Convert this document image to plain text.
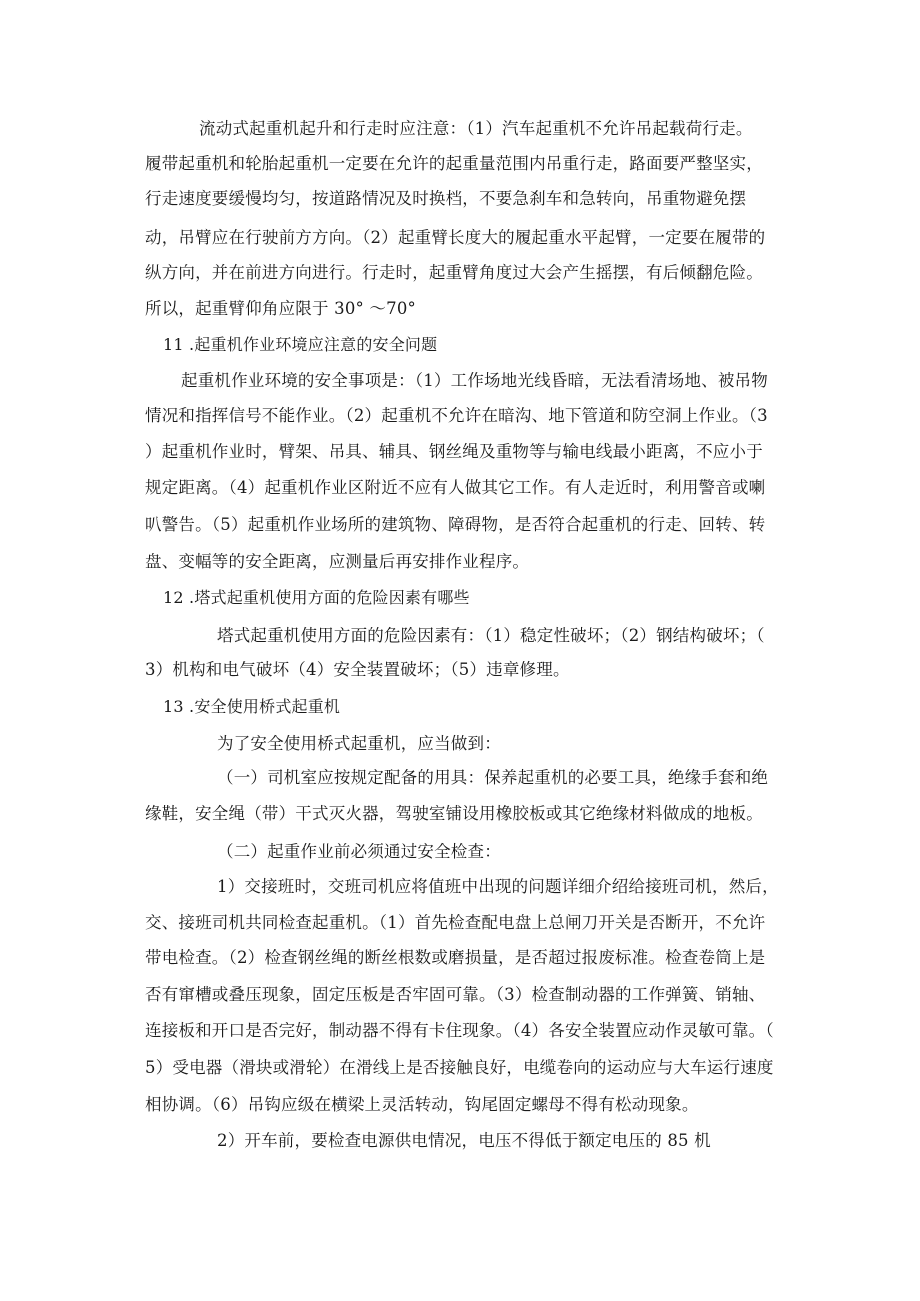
流动式起重机起升和行走时应注意：（1）汽车起重机不允许吊起载荷行走。

履带起重机和轮胎起重机一定要在允许的起重量范围内吊重行走，路面要严整坚实，

行走速度要缓慢均匀，按道路情况及时换档，不要急刹车和急转向，吊重物避免摆

动，吊臂应在行驶前方方向。（2）起重臂长度大的履起重水平起臂，一定要在履带的

纵方向，并在前进方向进行。行走时，起重臂角度过大会产生摇摆，有后倾翻危险。

所以，起重臂仰角应限于 30° ～70°

11 .起重机作业环境应注意的安全问题

起重机作业环境的安全事项是：（1）工作场地光线昏暗，无法看清场地、被吊物

情况和指挥信号不能作业。（2）起重机不允许在暗沟、地下管道和防空洞上作业。（3

）起重机作业时，臂架、吊具、辅具、钢丝绳及重物等与输电线最小距离，不应小于

规定距离。（4）起重机作业区附近不应有人做其它工作。有人走近时，利用警音或喇

叭警告。（5）起重机作业场所的建筑物、障碍物，是否符合起重机的行走、回转、转

盘、变幅等的安全距离，应测量后再安排作业程序。

12 .塔式起重机使用方面的危险因素有哪些

塔式起重机使用方面的危险因素有：（1）稳定性破坏；（2）钢结构破坏；（

3）机构和电气破坏（4）安全装置破坏；（5）违章修理。

13 .安全使用桥式起重机

为了安全使用桥式起重机，应当做到：

（一）司机室应按规定配备的用具：保养起重机的必要工具，绝缘手套和绝

缘鞋，安全绳（带）干式灭火器，驾驶室铺设用橡胶板或其它绝缘材料做成的地板。

（二）起重作业前必须通过安全检查：

1）交接班时，交班司机应将值班中出现的问题详细介绍给接班司机，然后，

交、接班司机共同检查起重机。（1）首先检查配电盘上总闸刀开关是否断开，不允许

带电检查。（2）检查钢丝绳的断丝根数或磨损量，是否超过报废标准。检查卷筒上是

否有窜槽或叠压现象，固定压板是否牢固可靠。（3）检查制动器的工作弹簧、销轴、

连接板和开口是否完好，制动器不得有卡住现象。（4）各安全装置应动作灵敏可靠。（

5）受电器（滑块或滑轮）在滑线上是否接触良好，电缆卷向的运动应与大车运行速度

相协调。（6）吊钩应级在横梁上灵活转动，钩尾固定螺母不得有松动现象。

2）开车前，要检查电源供电情况，电压不得低于额定电压的 85 机
